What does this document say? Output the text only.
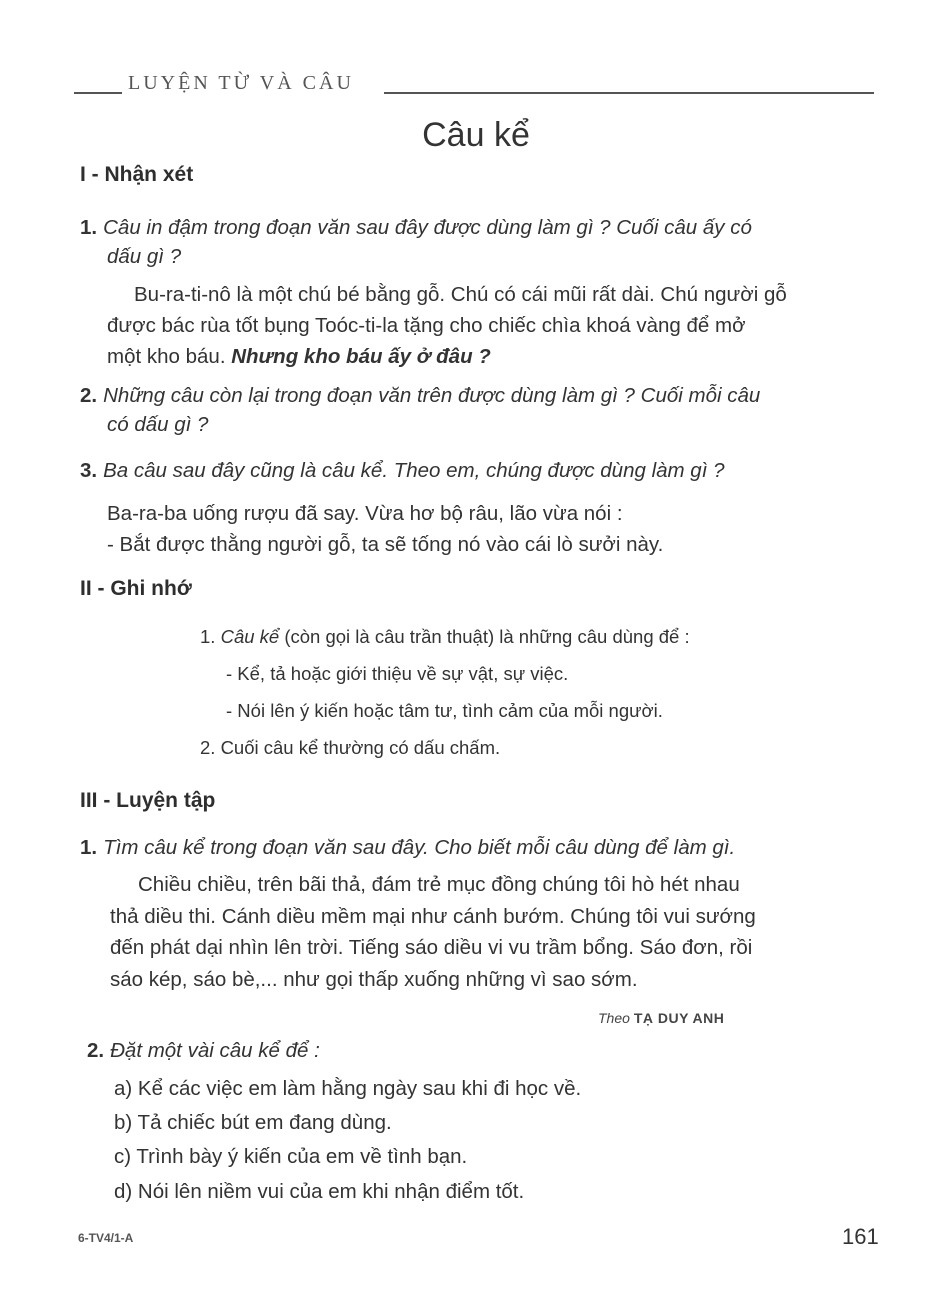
LUYỆN TỪ VÀ CÂU
Câu kể
I - Nhận xét
1. Câu in đậm trong đoạn văn sau đây được dùng làm gì ? Cuối câu ấy có
dấu gì ?
Bu-ra-ti-nô là một chú bé bằng gỗ. Chú có cái mũi rất dài. Chú người gỗ
được bác rùa tốt bụng Toóc-ti-la tặng cho chiếc chìa khoá vàng để mở
một kho báu. Nhưng kho báu ấy ở đâu ?
2. Những câu còn lại trong đoạn văn trên được dùng làm gì ? Cuối mỗi câu
có dấu gì ?
3. Ba câu sau đây cũng là câu kể. Theo em, chúng được dùng làm gì ?
Ba-ra-ba uống rượu đã say. Vừa hơ bộ râu, lão vừa nói :
- Bắt được thằng người gỗ, ta sẽ tống nó vào cái lò sưởi này.
II - Ghi nhớ
1. Câu kể (còn gọi là câu trần thuật) là những câu dùng để :
- Kể, tả hoặc giới thiệu về sự vật, sự việc.
- Nói lên ý kiến hoặc tâm tư, tình cảm của mỗi người.
2. Cuối câu kể thường có dấu chấm.
III - Luyện tập
1. Tìm câu kể trong đoạn văn sau đây. Cho biết mỗi câu dùng để làm gì.
Chiều chiều, trên bãi thả, đám trẻ mục đồng chúng tôi hò hét nhau
thả diều thi. Cánh diều mềm mại như cánh bướm. Chúng tôi vui sướng
đến phát dại nhìn lên trời. Tiếng sáo diều vi vu trầm bổng. Sáo đơn, rồi
sáo kép, sáo bè,... như gọi thấp xuống những vì sao sớm.
Theo TẠ DUY ANH
2. Đặt một vài câu kể để :
a) Kể các việc em làm hằng ngày sau khi đi học về.
b) Tả chiếc bút em đang dùng.
c) Trình bày ý kiến của em về tình bạn.
d) Nói lên niềm vui của em khi nhận điểm tốt.
6-TV4/1-A	161
